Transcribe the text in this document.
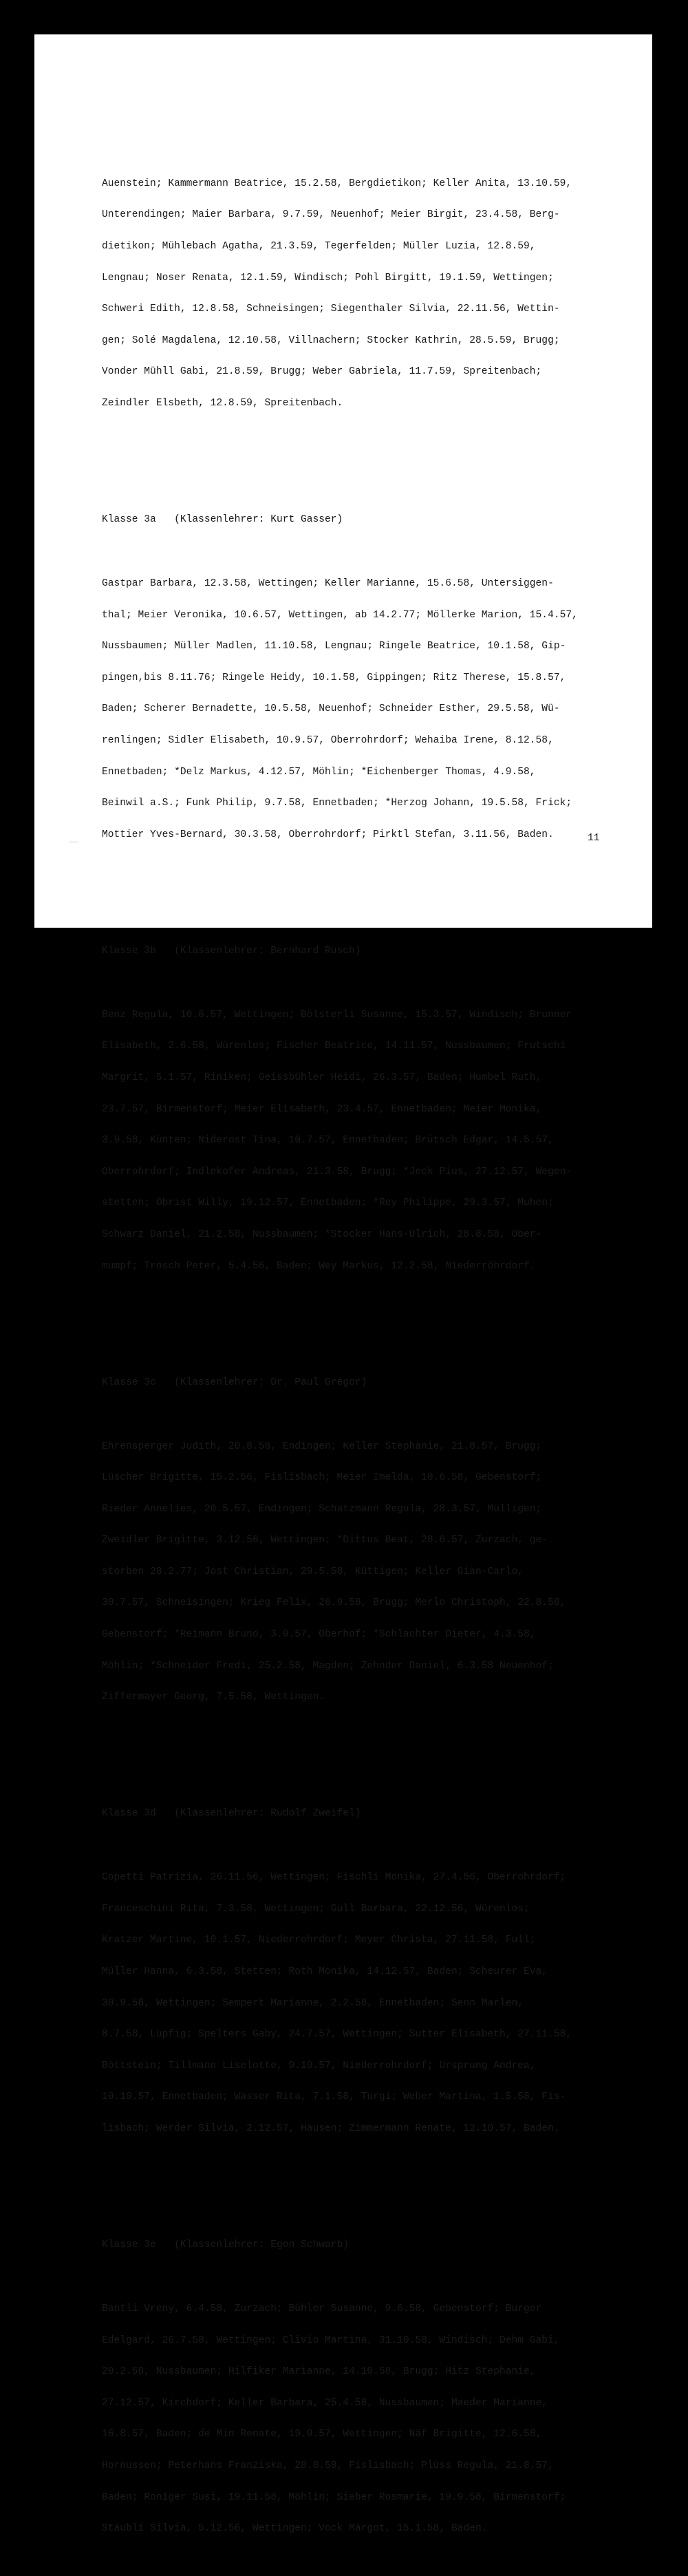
Auenstein; Kammermann Beatrice, 15.2.58, Bergdietikon; Keller Anita, 13.10.59,

Unterendingen; Maier Barbara, 9.7.59, Neuenhof; Meier Birgit, 23.4.58, Berg-

dietikon; Mühlebach Agatha, 21.3.59, Tegerfelden; Müller Luzia, 12.8.59,

Lengnau; Noser Renata, 12.1.59, Windisch; Pohl Birgitt, 19.1.59, Wettingen;

Schweri Edith, 12.8.58, Schneisingen; Siegenthaler Silvia, 22.11.56, Wettin-

gen; Solé Magdalena, 12.10.58, Villnachern; Stocker Kathrin, 28.5.59, Brugg;

Vonder Mühll Gabi, 21.8.59, Brugg; Weber Gabriela, 11.7.59, Spreitenbach;

Zeindler Elsbeth, 12.8.59, Spreitenbach.

Klasse 3a   (Klassenlehrer: Kurt Gasser)

Gastpar Barbara, 12.3.58, Wettingen; Keller Marianne, 15.6.58, Untersiggen-

thal; Meier Veronika, 10.6.57, Wettingen, ab 14.2.77; Möllerke Marion, 15.4.57,

Nussbaumen; Müller Madlen, 11.10.58, Lengnau; Ringele Beatrice, 10.1.58, Gip-

pingen,bis 8.11.76; Ringele Heidy, 10.1.58, Gippingen; Ritz Therese, 15.8.57,

Baden; Scherer Bernadette, 10.5.58, Neuenhof; Schneider Esther, 29.5.58, Wü-

renlingen; Sidler Elisabeth, 10.9.57, Oberrohrdorf; Wehaiba Irene, 8.12.58,

Ennetbaden; *Delz Markus, 4.12.57, Möhlin; *Eichenberger Thomas, 4.9.58,

Beinwil a.S.; Funk Philip, 9.7.58, Ennetbaden; *Herzog Johann, 19.5.58, Frick;

Mottier Yves-Bernard, 30.3.58, Oberrohrdorf; Pirktl Stefan, 3.11.56, Baden.

Klasse 3b   (Klassenlehrer: Bernhard Rusch)

Benz Regula, 10.6.57, Wettingen; Bölsterli Susanne, 15.3.57, Windisch; Brunner

Elisabeth, 2.6.58, Würenlos; Fischer Beatrice, 14.11.57, Nussbaumen; Frutschi

Margrit, 5.1.57, Riniken; Geissbühler Heidi, 26.3.57, Baden; Humbel Ruth,

23.7.57, Birmenstorf; Meier Elisabeth, 23.4.57, Ennetbaden; Meier Monika,

3.9.58, Künten; Nideröst Tina, 10.7.57, Ennetbaden; Brütsch Edgar, 14.5.57,

Oberrohrdorf; Indlekofer Andreas, 21.3.58, Brugg; *Jeck Pius, 27.12.57, Wegen-

stetten; Obrist Willy, 19.12.57, Ennetbaden; *Rey Philippe, 29.3.57, Muhen;

Schwarz Daniel, 21.2.58, Nussbaumen; *Stocker Hans-Ulrich, 28.8.58, Ober-

mumpf; Trösch Peter, 5.4.56, Baden; Wey Markus, 12.2.58, Niederröhrdorf.

Klasse 3c   (Klassenlehrer: Dr. Paul Gregor)

Ehrensperger Judith, 20.8.58, Endingen; Keller Stephanie, 21.8.57, Brugg;

Lüscher Brigitte, 15.2.56, Fislisbach; Meier Imelda, 10.6.58, Gebenstorf;

Rieder Annelies, 20.5.57, Endingen; Schatzmann Regula, 28.3.57, Mülligen;

Zweidler Brigitte, 3.12.56, Wettingen; *Dittus Beat, 28.6.57, Zurzach, ge-

storben 28.2.77; Jost Christian, 29.5.58, Küttigen; Keller Gian-Carlo,

30.7.57, Schneisingen; Krieg Felix, 26.9.58, Brugg; Merlo Christoph, 22.8.58,

Gebenstorf; *Reimann Bruno, 3.9.57, Oberhof; *Schlachter Dieter, 4.3.58,

Möhlin; *Schneider Fredi, 25.2.58, Magden; Zehnder Daniel, 6.3.58 Neuenhof;

Ziffermayer Georg, 7.5.58, Wettingen.

Klasse 3d   (Klassenlehrer: Rudolf Zweifel)

Copetti Patrizia, 26.11.56, Wettingen; Fischli Monika, 27.4.56, Oberrohrdorf;

Franceschini Rita, 7.3.58, Wettingen; Gull Barbara, 22.12.56, Würenlos;

Kratzer Martine, 10.1.57, Niederrohrdorf; Meyer Christa, 27.11.58, Full;

Müller Hanna, 6.3.58, Stetten; Roth Monika, 14.12.57, Baden; Scheurer Eva,

30.9.58, Wettingen; Sempert Marianne, 2.2.58, Ennetbaden; Senn Marlen,

8.7.58, Lupfig; Spelters Gaby, 24.7.57, Wettingen; Sutter Elisabeth, 27.11.58,

Böttstein; Tillmann Liselotte, 9.10.57, Niederrohrdorf; Ursprung Andrea,

10.10.57, Ennetbaden; Wasser Rita, 7.1.58, Turgi; Weber Martina, 1.5.58, Fis-

lisbach; Werder Silvia, 2.12.57, Hausen; Zimmermann Renate, 12.10.57, Baden.

Klasse 3e   (Klassenlehrer: Egon Schwarb)

Bantli Vreny, 6.4.58, Zurzach; Bühler Susanne, 9.6.58, Gebenstorf; Burger

Edelgard, 26.7.58, Wettingen; Clivio Martina, 31.10.58, Windisch; Dehm Gabi,

20.2.58, Nussbaumen; Hilfiker Marianne, 14.10.58, Brugg; Hitz Stephanie,

27.12.57, Kirchdorf; Keller Barbara, 25.4.58, Nussbaumen; Maeder Marianne,

16.8.57, Baden; de Min Renate, 19.9.57, Wettingen; Näf Brigitte, 12.6.58,

Hornussen; Peterhans Franziska, 28.8.58, Fislisbach; Plüss Regula, 21.8.57,

Baden; Roniger Susi, 19.11.58, Möhlin; Sieber Rosmarie, 19.9.58, Birmenstorf;

Stäubli Silvia, 5.12.56, Wettingen; Vock Margot, 15.1.58, Baden.

11
